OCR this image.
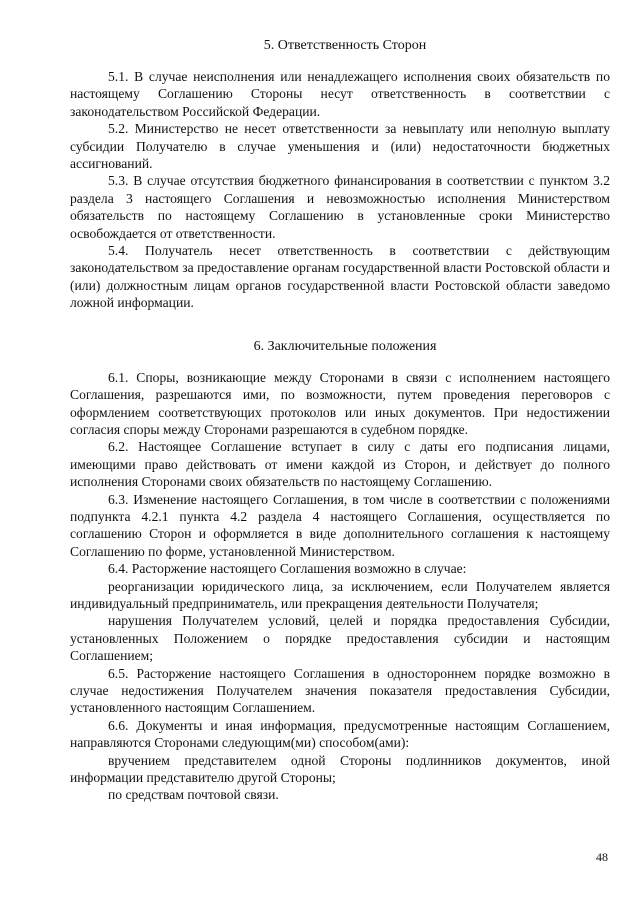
5. Ответственность Сторон

5.1. В случае неисполнения или ненадлежащего исполнения своих обязательств по настоящему Соглашению Стороны несут ответственность в соответствии с законодательством Российской Федерации.

5.2. Министерство не несет ответственности за невыплату или неполную выплату субсидии Получателю в случае уменьшения и (или) недостаточности бюджетных ассигнований.

5.3. В случае отсутствия бюджетного финансирования в соответствии с пунктом 3.2 раздела 3 настоящего Соглашения и невозможностью исполнения Министерством обязательств по настоящему Соглашению в установленные сроки Министерство освобождается от ответственности.

5.4. Получатель несет ответственность в соответствии с действующим законодательством за предоставление органам государственной власти Ростовской области и (или) должностным лицам органов государственной власти Ростовской области заведомо ложной информации.

6. Заключительные положения

6.1. Споры, возникающие между Сторонами в связи с исполнением настоящего Соглашения, разрешаются ими, по возможности, путем проведения переговоров с оформлением соответствующих протоколов или иных документов. При недостижении согласия споры между Сторонами разрешаются в судебном порядке.

6.2. Настоящее Соглашение вступает в силу с даты его подписания лицами, имеющими право действовать от имени каждой из Сторон, и действует до полного исполнения Сторонами своих обязательств по настоящему Соглашению.

6.3. Изменение настоящего Соглашения, в том числе в соответствии с положениями подпункта 4.2.1 пункта 4.2 раздела 4 настоящего Соглашения, осуществляется по соглашению Сторон и оформляется в виде дополнительного соглашения к настоящему Соглашению по форме, установленной Министерством.

6.4. Расторжение настоящего Соглашения возможно в случае:

реорганизации юридического лица, за исключением, если Получателем является индивидуальный предприниматель, или прекращения деятельности Получателя;

нарушения Получателем условий, целей и порядка предоставления Субсидии, установленных Положением о порядке предоставления субсидии и настоящим Соглашением;

6.5. Расторжение настоящего Соглашения в одностороннем порядке возможно в случае недостижения Получателем значения показателя предоставления Субсидии, установленного настоящим Соглашением.

6.6. Документы и иная информация, предусмотренные настоящим Соглашением, направляются Сторонами следующим(ми) способом(ами):

вручением представителем одной Стороны подлинников документов, иной информации представителю другой Стороны;

по средствам почтовой связи.

48
